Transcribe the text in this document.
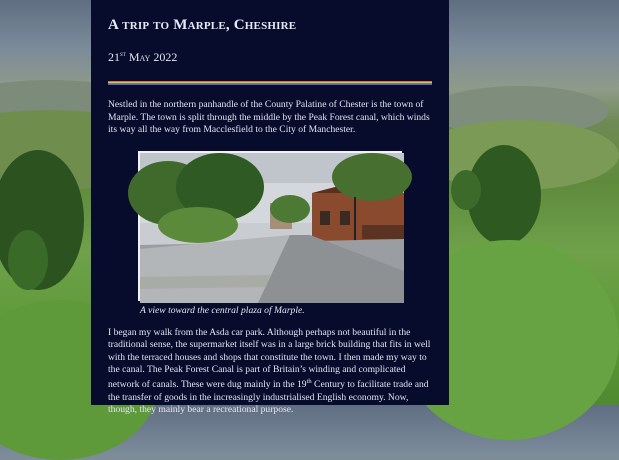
A trip to Marple, Cheshire
21st May 2022

Nestled in the northern panhandle of the County Palatine of Chester is the town of Marple. The town is split through the middle by the Peak Forest canal, which winds its way all the way from Macclesfield to the City of Manchester.

A view toward the central plaza of Marple.

I began my walk from the Asda car park. Although perhaps not beautiful in the traditional sense, the supermarket itself was in a large brick building that fits in well with the terraced houses and shops that constitute the town. I then made my way to the canal. The Peak Forest Canal is part of Britain’s winding and complicated network of canals. These were dug mainly in the 19th Century to facilitate trade and the transfer of goods in the increasingly industrialised English economy. Now, though, they mainly bear a recreational purpose.
